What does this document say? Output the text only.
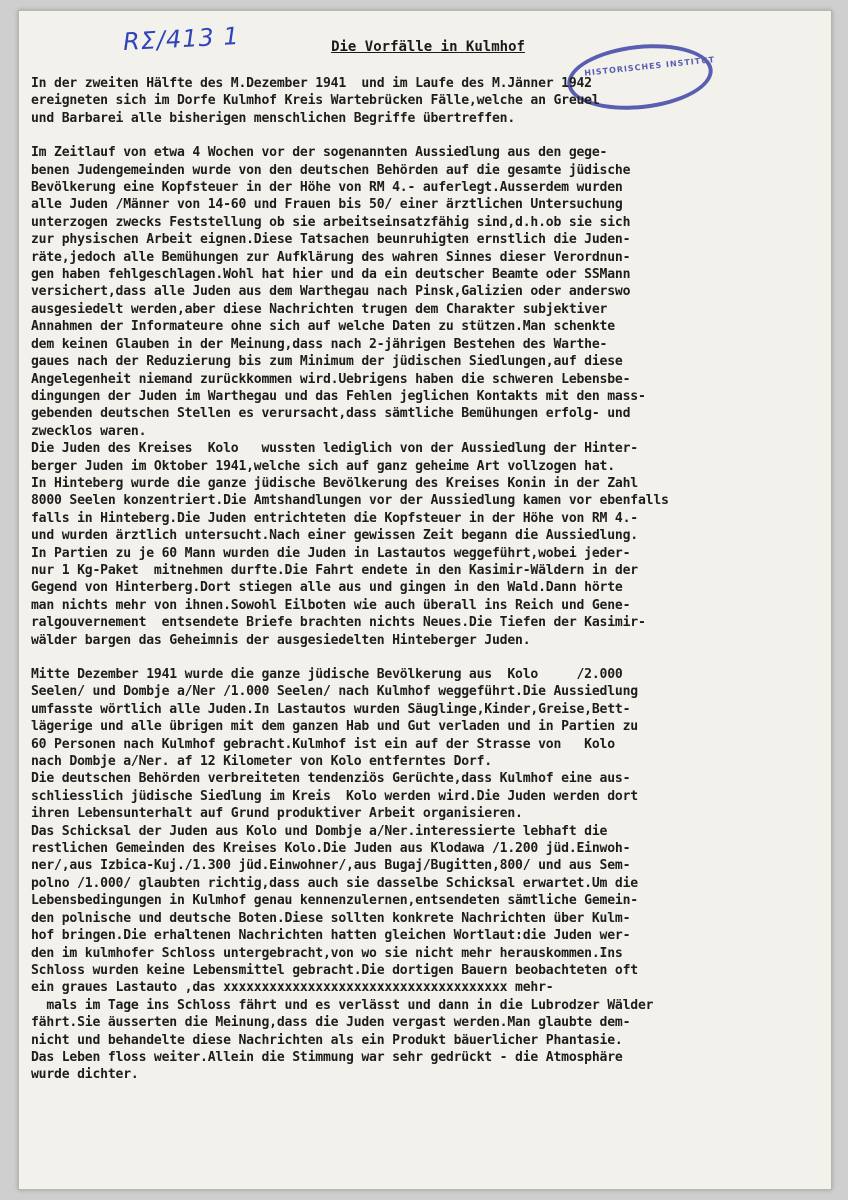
RΣ/413 1
HISTORISCHES INSTITUT
Die Vorfälle in Kulmhof
In der zweiten Hälfte des M.Dezember 1941  und im Laufe des M.Jänner 1942
ereigneten sich im Dorfe Kulmhof Kreis Wartebrücken Fälle,welche an Greuel
und Barbarei alle bisherigen menschlichen Begriffe übertreffen.
Im Zeitlauf von etwa 4 Wochen vor der sogenannten Aussiedlung aus den gege-
benen Judengemeinden wurde von den deutschen Behörden auf die gesamte jüdische
Bevölkerung eine Kopfsteuer in der Höhe von RM 4.- auferlegt.Ausserdem wurden
alle Juden /Männer von 14-60 und Frauen bis 50/ einer ärztlichen Untersuchung
unterzogen zwecks Feststellung ob sie arbeitseinsatzfähig sind,d.h.ob sie sich
zur physischen Arbeit eignen.Diese Tatsachen beunruhigten ernstlich die Juden-
räte,jedoch alle Bemühungen zur Aufklärung des wahren Sinnes dieser Verordnun-
gen haben fehlgeschlagen.Wohl hat hier und da ein deutscher Beamte oder SSMann
versichert,dass alle Juden aus dem Warthegau nach Pinsk,Galizien oder anderswo
ausgesiedelt werden,aber diese Nachrichten trugen dem Charakter subjektiver
Annahmen der Informateure ohne sich auf welche Daten zu stützen.Man schenkte
dem keinen Glauben in der Meinung,dass nach 2-jährigen Bestehen des Warthe-
gaues nach der Reduzierung bis zum Minimum der jüdischen Siedlungen,auf diese
Angelegenheit niemand zurückkommen wird.Uebrigens haben die schweren Lebensbe-
dingungen der Juden im Warthegau und das Fehlen jeglichen Kontakts mit den mass-
gebenden deutschen Stellen es verursacht,dass sämtliche Bemühungen erfolg- und
zwecklos waren.
Die Juden des Kreises  Kolo   wussten lediglich von der Aussiedlung der Hinter-
berger Juden im Oktober 1941,welche sich auf ganz geheime Art vollzogen hat.
In Hinteberg wurde die ganze jüdische Bevölkerung des Kreises Konin in der Zahl
8000 Seelen konzentriert.Die Amtshandlungen vor der Aussiedlung kamen vor ebenfalls
falls in Hinteberg.Die Juden entrichteten die Kopfsteuer in der Höhe von RM 4.-
und wurden ärztlich untersucht.Nach einer gewissen Zeit begann die Aussiedlung.
In Partien zu je 60 Mann wurden die Juden in Lastautos weggeführt,wobei jeder-
nur 1 Kg-Paket  mitnehmen durfte.Die Fahrt endete in den Kasimir-Wäldern in der
Gegend von Hinterberg.Dort stiegen alle aus und gingen in den Wald.Dann hörte
man nichts mehr von ihnen.Sowohl Eilboten wie auch überall ins Reich und Gene-
ralgouvernement  entsendete Briefe brachten nichts Neues.Die Tiefen der Kasimir-
wälder bargen das Geheimnis der ausgesiedelten Hinteberger Juden.
Mitte Dezember 1941 wurde die ganze jüdische Bevölkerung aus  Kolo     /2.000
Seelen/ und Dombje a/Ner /1.000 Seelen/ nach Kulmhof weggeführt.Die Aussiedlung
umfasste wörtlich alle Juden.In Lastautos wurden Säuglinge,Kinder,Greise,Bett-
lägerige und alle übrigen mit dem ganzen Hab und Gut verladen und in Partien zu
60 Personen nach Kulmhof gebracht.Kulmhof ist ein auf der Strasse von   Kolo
nach Dombje a/Ner. af 12 Kilometer von Kolo entferntes Dorf.
Die deutschen Behörden verbreiteten tendenziös Gerüchte,dass Kulmhof eine aus-
schliesslich jüdische Siedlung im Kreis  Kolo werden wird.Die Juden werden dort
ihren Lebensunterhalt auf Grund produktiver Arbeit organisieren.
Das Schicksal der Juden aus Kolo und Dombje a/Ner.interessierte lebhaft die
restlichen Gemeinden des Kreises Kolo.Die Juden aus Klodawa /1.200 jüd.Einwoh-
ner/,aus Izbica-Kuj./1.300 jüd.Einwohner/,aus Bugaj/Bugitten,800/ und aus Sem-
polno /1.000/ glaubten richtig,dass auch sie dasselbe Schicksal erwartet.Um die
Lebensbedingungen in Kulmhof genau kennenzulernen,entsendeten sämtliche Gemein-
den polnische und deutsche Boten.Diese sollten konkrete Nachrichten über Kulm-
hof bringen.Die erhaltenen Nachrichten hatten gleichen Wortlaut:die Juden wer-
den im kulmhofer Schloss untergebracht,von wo sie nicht mehr herauskommen.Ins
Schloss wurden keine Lebensmittel gebracht.Die dortigen Bauern beobachteten oft
ein graues Lastauto ,das xxxxxxxxxxxxxxxxxxxxxxxxxxxxxxxxxxxxx mehr-
mals im Tage ins Schloss fährt und es verlässt und dann in die Lubrodzer Wälder
fährt.Sie äusserten die Meinung,dass die Juden vergast werden.Man glaubte dem-
nicht und behandelte diese Nachrichten als ein Produkt bäuerlicher Phantasie.
Das Leben floss weiter.Allein die Stimmung war sehr gedrückt - die Atmosphäre
wurde dichter.
